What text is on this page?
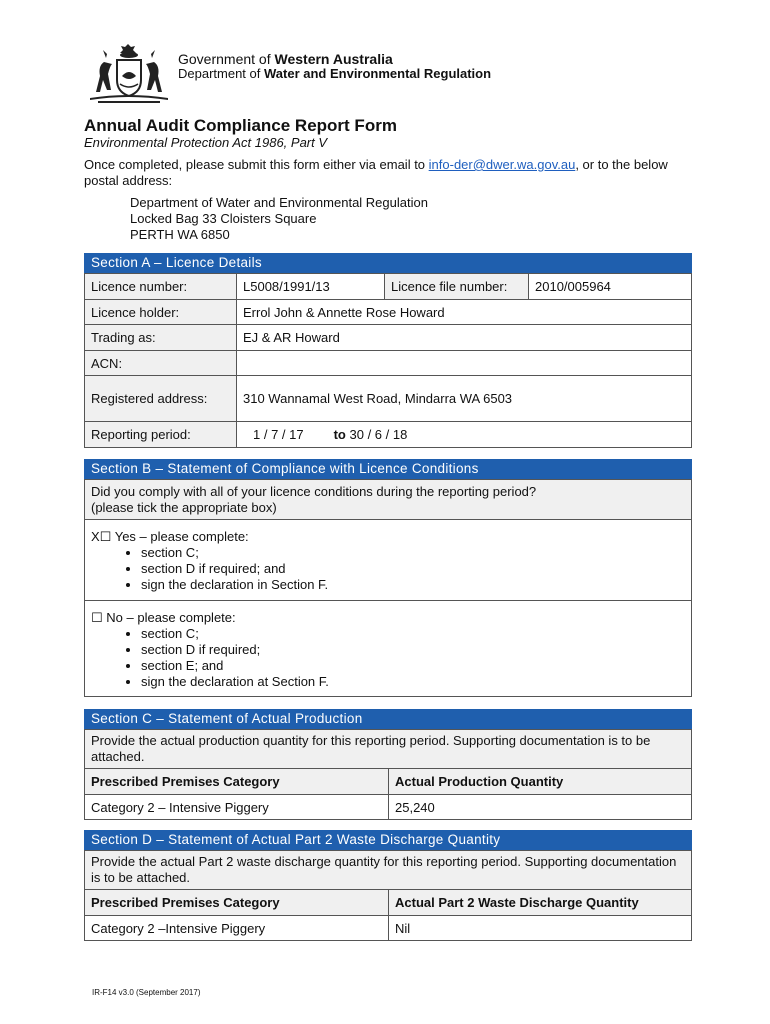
Government of Western Australia
Department of Water and Environmental Regulation
Annual Audit Compliance Report Form
Environmental Protection Act 1986, Part V
Once completed, please submit this form either via email to info-der@dwer.wa.gov.au, or to the below postal address:
Department of Water and Environmental Regulation
Locked Bag 33 Cloisters Square
PERTH WA 6850
Section A – Licence Details
Licence number:	L5008/1991/13	Licence file number:	2010/005964
Licence holder:	Errol John & Annette Rose Howard		
Trading as:	EJ & AR Howard		
ACN:			
Registered address:	310 Wannamal West Road, Mindarra WA 6503		
Reporting period:	1 / 7 / 17 to 30 / 6 / 18		
Section B – Statement of Compliance with Licence Conditions
Did you comply with all of your licence conditions during the reporting period?
(please tick the appropriate box)
X☐ Yes – please complete:
• section C;
• section D if required; and
• sign the declaration in Section F.
☐ No – please complete:
• section C;
• section D if required;
• section E; and
• sign the declaration at Section F.
Section C – Statement of Actual Production
Provide the actual production quantity for this reporting period. Supporting documentation is to be attached.
Prescribed Premises Category	Actual Production Quantity
Category 2 – Intensive Piggery	25,240
Section D – Statement of Actual Part 2 Waste Discharge Quantity
Provide the actual Part 2 waste discharge quantity for this reporting period. Supporting documentation is to be attached.
Prescribed Premises Category	Actual Part 2 Waste Discharge Quantity
Category 2 –Intensive Piggery	Nil
IR-F14 v3.0 (September 2017)
